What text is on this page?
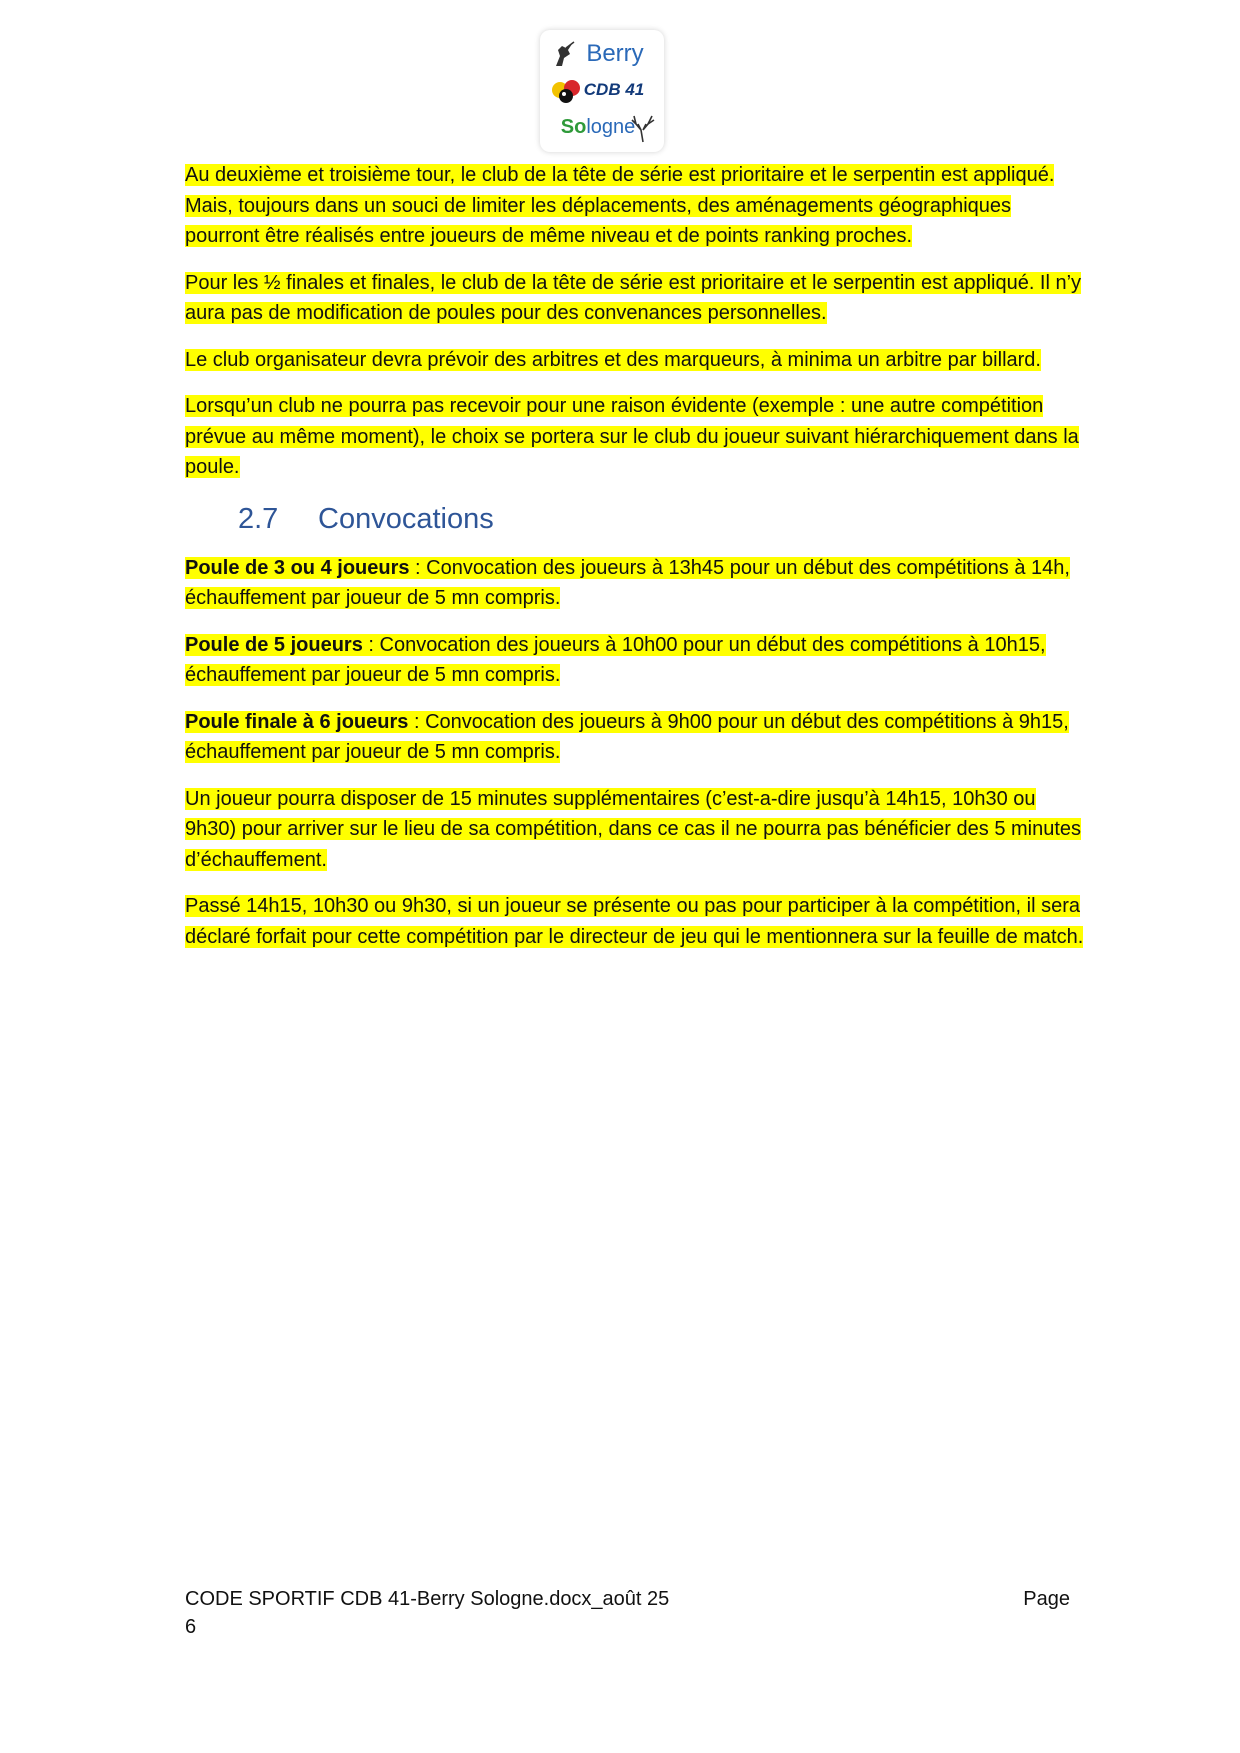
Berry
CDB 41
Sologne

Au deuxième et troisième tour, le club de la tête de série est prioritaire et le serpentin est appliqué. Mais, toujours dans un souci de limiter les déplacements, des aménagements géographiques pourront être réalisés entre joueurs de même niveau et de points ranking proches.

Pour les ½ finales et finales, le club de la tête de série est prioritaire et le serpentin est appliqué. Il n’y aura pas de modification de poules pour des convenances personnelles.

Le club organisateur devra prévoir des arbitres et des marqueurs, à minima un arbitre par billard.

Lorsqu’un club ne pourra pas recevoir pour une raison évidente (exemple : une autre compétition prévue au même moment), le choix se portera sur le club du joueur suivant hiérarchiquement dans la poule.

2.7 Convocations

Poule de 3 ou 4 joueurs : Convocation des joueurs à 13h45 pour un début des compétitions à 14h, échauffement par joueur de 5 mn compris.

Poule de 5 joueurs : Convocation des joueurs à 10h00 pour un début des compétitions à 10h15, échauffement par joueur de 5 mn compris.

Poule finale à 6 joueurs : Convocation des joueurs à 9h00 pour un début des compétitions à 9h15, échauffement par joueur de 5 mn compris.

Un joueur pourra disposer de 15 minutes supplémentaires (c’est-a-dire jusqu’à 14h15, 10h30 ou 9h30) pour arriver sur le lieu de sa compétition, dans ce cas il ne pourra pas bénéficier des 5 minutes d’échauffement.

Passé 14h15, 10h30 ou 9h30, si un joueur se présente ou pas pour participer à la compétition, il sera déclaré forfait pour cette compétition par le directeur de jeu qui le mentionnera sur la feuille de match.

CODE SPORTIF CDB 41-Berry Sologne.docx_août 25	Page
6
